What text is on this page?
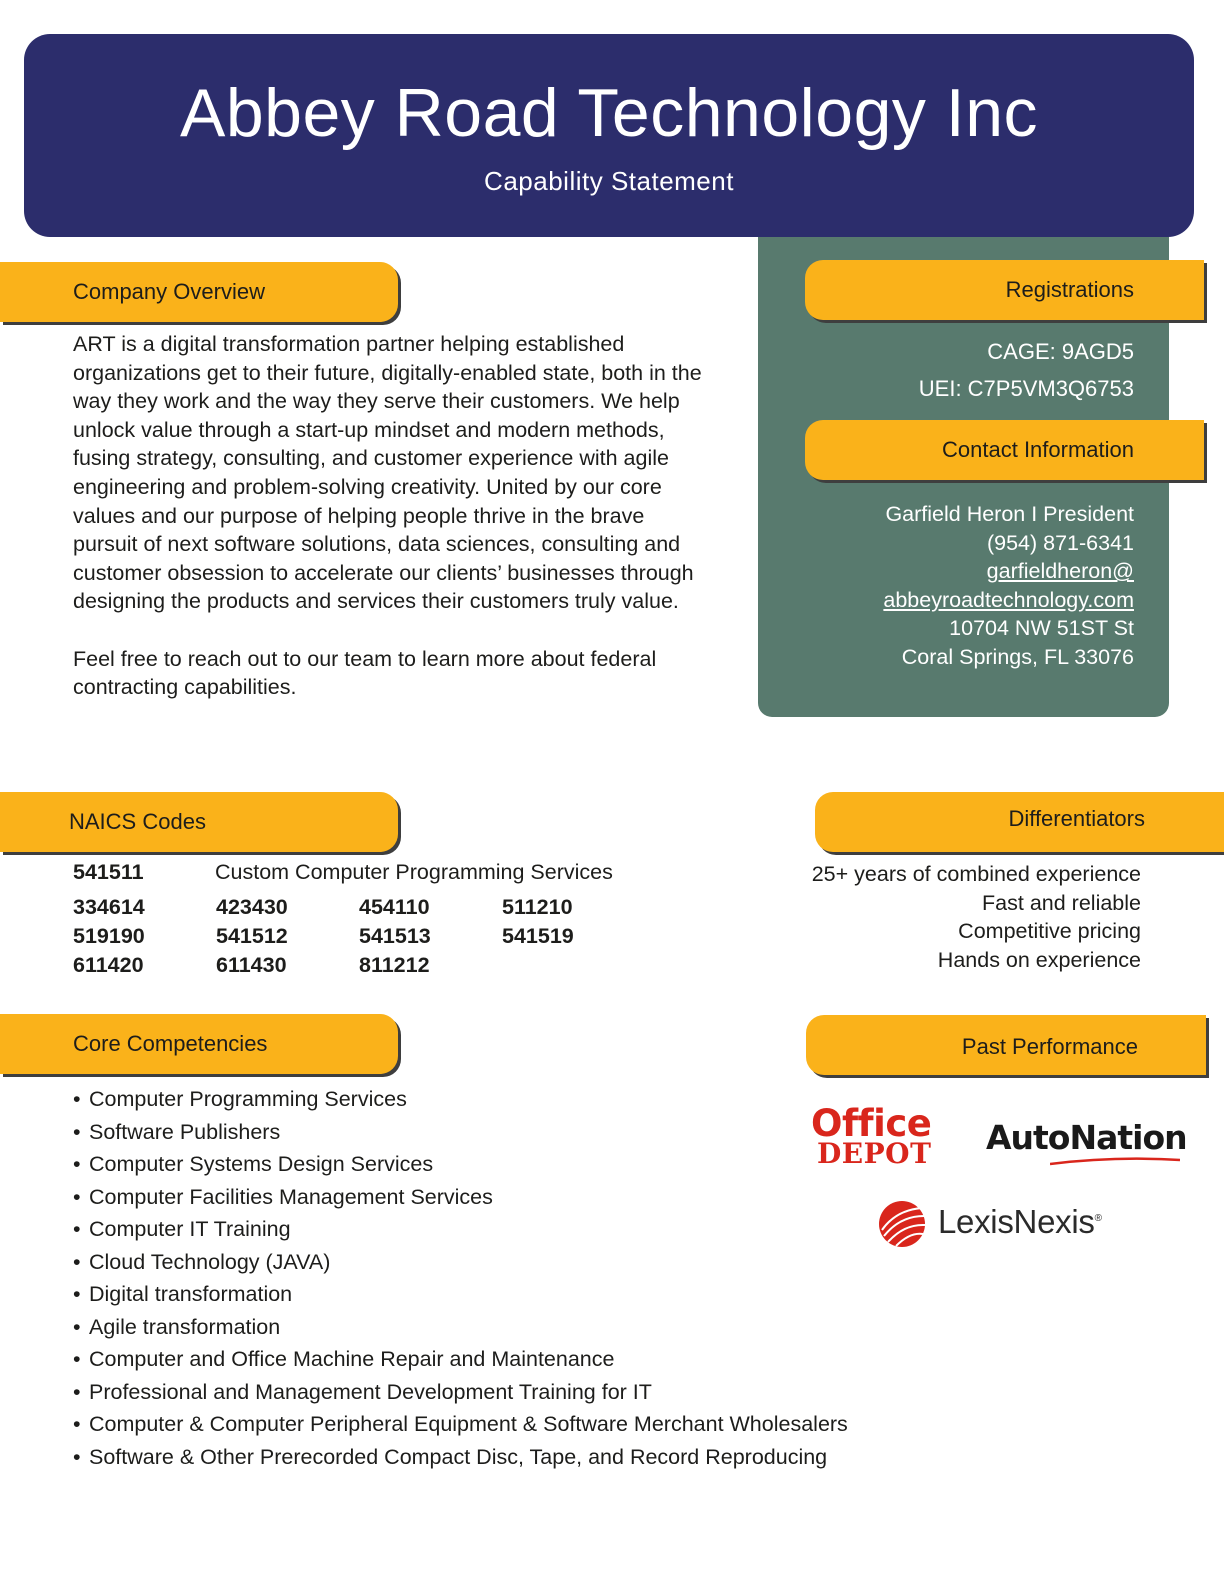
Abbey Road Technology Inc
Capability Statement
Company Overview

ART is a digital transformation partner helping established organizations get to their future, digitally-enabled state, both in the way they work and the way they serve their customers. We help unlock value through a start-up mindset and modern methods, fusing strategy, consulting, and customer experience with agile engineering and problem-solving creativity. United by our core values and our purpose of helping people thrive in the brave pursuit of next software solutions, data sciences, consulting and customer obsession to accelerate our clients’ businesses through designing the products and services their customers truly value.

Feel free to reach out to our team to learn more about federal contracting capabilities.

Registrations
CAGE: 9AGD5
UEI: C7P5VM3Q6753
Contact Information
Garfield Heron I President
(954) 871-6341
garfieldheron@
abbeyroadtechnology.com
10704 NW 51ST St
Coral Springs, FL 33076
NAICS Codes
541511	Custom Computer Programming Services
334614	423430	454110	511210
519190	541512	541513	541519
611420	611430	811212
Differentiators
25+ years of combined experience
Fast and reliable
Competitive pricing
Hands on experience
Core Competencies
• Computer Programming Services
• Software Publishers
• Computer Systems Design Services
• Computer Facilities Management Services
• Computer IT Training
• Cloud Technology (JAVA)
• Digital transformation
• Agile transformation
• Computer and Office Machine Repair and Maintenance
• Professional and Management Development Training for IT
• Computer & Computer Peripheral Equipment & Software Merchant Wholesalers
• Software & Other Prerecorded Compact Disc, Tape, and Record Reproducing
Past Performance
Office
DEPOT AutoNation
LexisNexis®
